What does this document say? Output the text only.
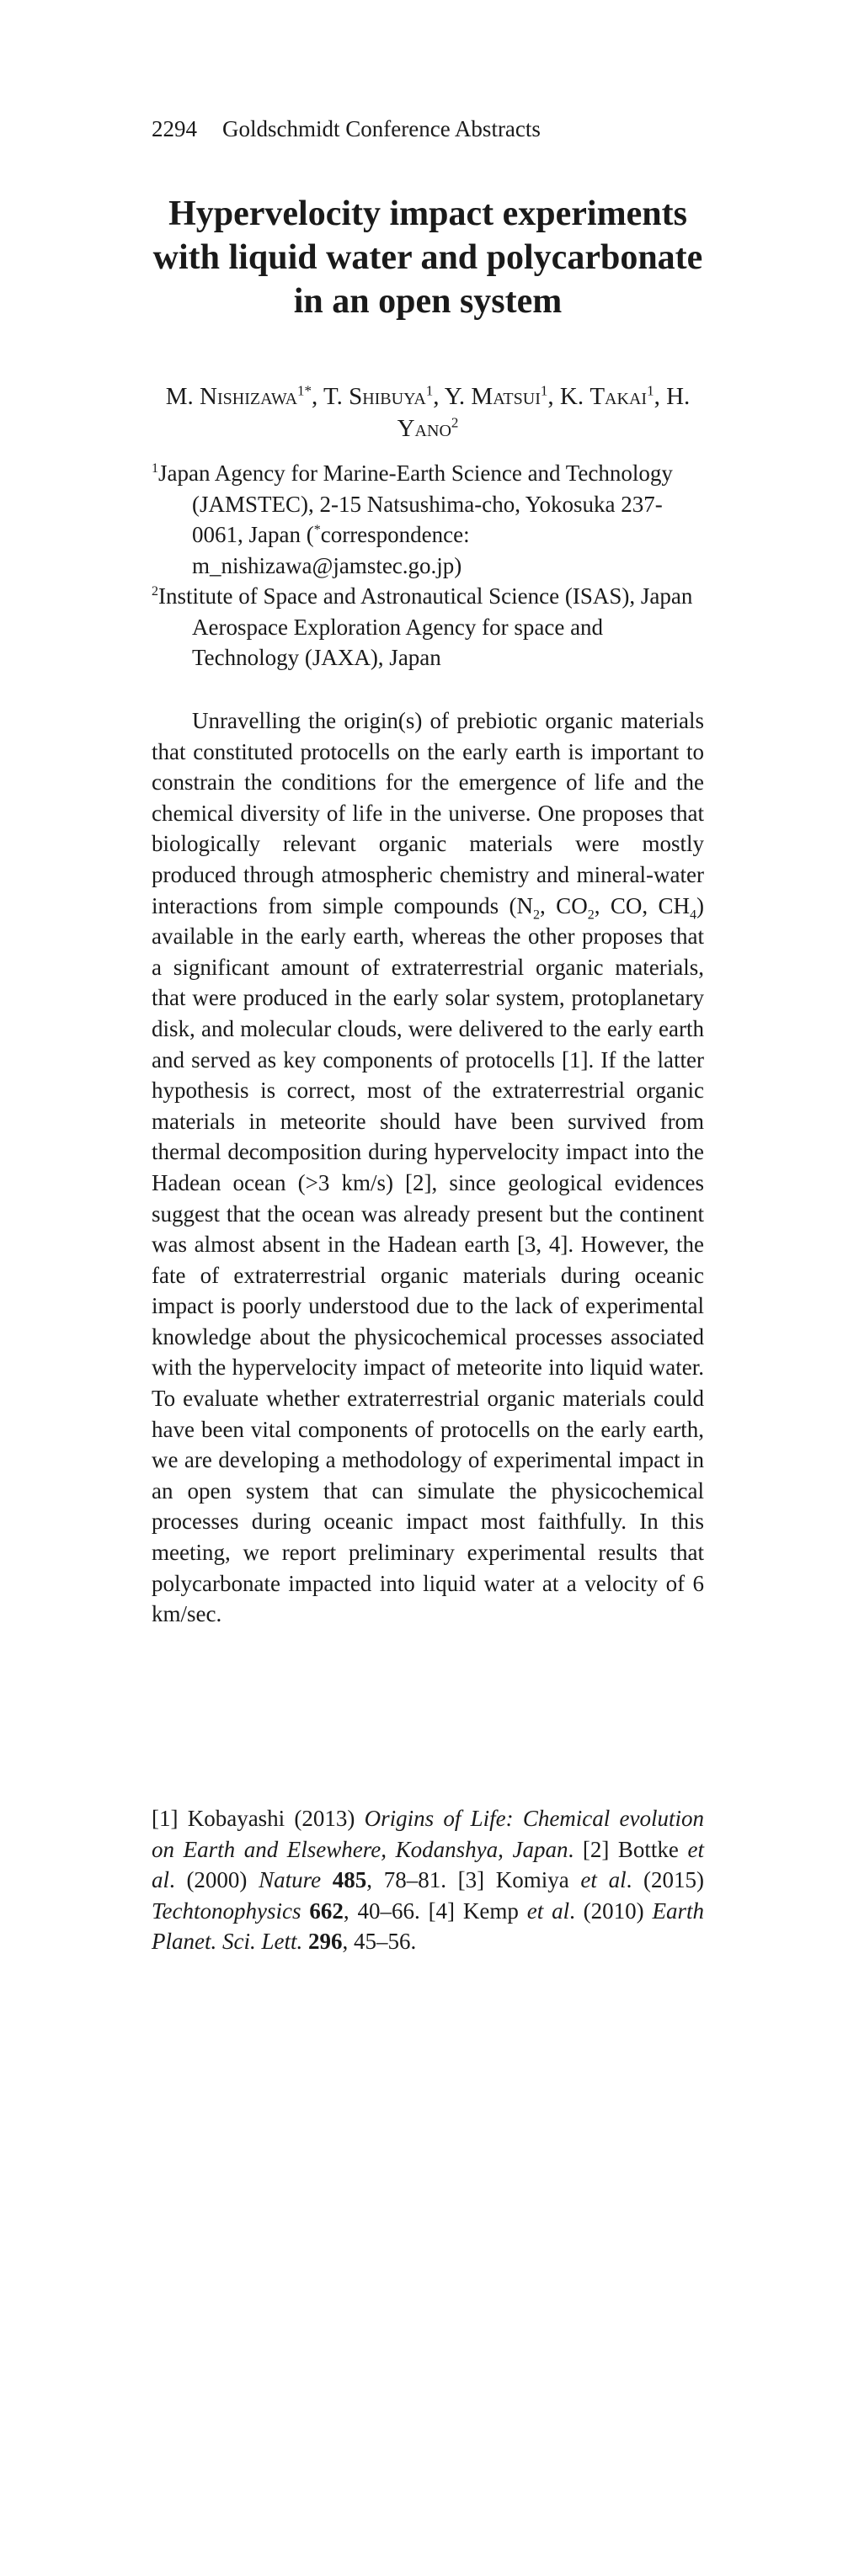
2294 Goldschmidt Conference Abstracts
Hypervelocity impact experiments with liquid water and polycarbonate in an open system
M. Nishizawa$^{1*}$, T. Shibuya$^1$, Y. Matsui$^1$, K. Takai$^1$, H. Yano$^2$
$^1$Japan Agency for Marine-Earth Science and Technology (JAMSTEC), 2-15 Natsushima-cho, Yokosuka 237-0061, Japan (*correspondence: m_nishizawa@jamstec.go.jp)
$^2$Institute of Space and Astronautical Science (ISAS), Japan Aerospace Exploration Agency for space and Technology (JAXA), Japan

Unravelling the origin(s) of prebiotic organic materials that constituted protocells on the early earth is important to constrain the conditions for the emergence of life and the chemical diversity of life in the universe. One proposes that biologically relevant organic materials were mostly produced through atmospheric chemistry and mineral-water interactions from simple compounds ($N_2$, $CO_2$, CO, $CH_4$) available in the early earth, whereas the other proposes that a significant amount of extraterrestrial organic materials, that were produced in the early solar system, protoplanetary disk, and molecular clouds, were delivered to the early earth and served as key components of protocells [1]. If the latter hypothesis is correct, most of the extraterrestrial organic materials in meteorite should have been survived from thermal decomposition during hypervelocity impact into the Hadean ocean (>3 km/s) [2], since geological evidences suggest that the ocean was already present but the continent was almost absent in the Hadean earth [3, 4]. However, the fate of extraterrestrial organic materials during oceanic impact is poorly understood due to the lack of experimental knowledge about the physicochemical processes associated with the hypervelocity impact of meteorite into liquid water. To evaluate whether extraterrestrial organic materials could have been vital components of protocells on the early earth, we are developing a methodology of experimental impact in an open system that can simulate the physicochemical processes during oceanic impact most faithfully. In this meeting, we report preliminary experimental results that polycarbonate impacted into liquid water at a velocity of 6 km/sec.

[1] Kobayashi (2013) Origins of Life: Chemical evolution on Earth and Elsewhere, Kodanshya, Japan. [2] Bottke et al. (2000) Nature 485, 78–81. [3] Komiya et al. (2015) Techtonophysics 662, 40–66. [4] Kemp et al. (2010) Earth Planet. Sci. Lett. 296, 45–56.
